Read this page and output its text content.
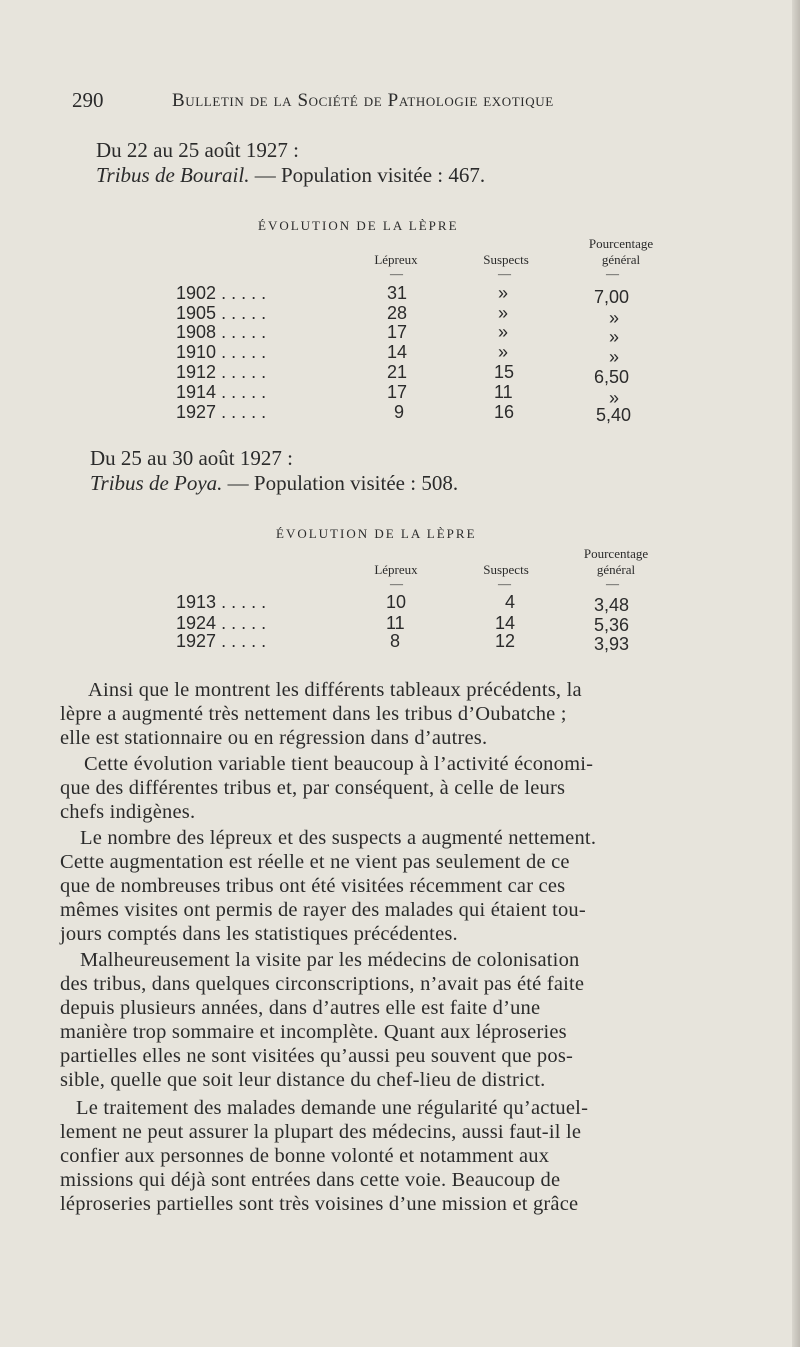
290	Bulletin de la Société de Pathologie exotique
Du 22 au 25 août 1927 :
Tribus de Bourail. — Population visitée : 467.
ÉVOLUTION DE LA LÈPRE
Pourcentage
Lépreux	Suspects	général
—	—	—
1902 .....	31	»	7,00
1905 .....	28	»	»
1908 .....	17	»	»
1910 .....	14	»	»
1912 .....	21	15	6,50
1914 .....	17	11	»
1927 .....	9	16	5,40
Du 25 au 30 août 1927 :
Tribus de Poya. — Population visitée : 508.
ÉVOLUTION DE LA LÈPRE
Pourcentage
Lépreux	Suspects	général
—	—	—
1913 .....	10	4	3,48
1924 .....	11	14	5,36
1927 .....	8	12	3,93
Ainsi que le montrent les différents tableaux précédents, la
lèpre a augmenté très nettement dans les tribus d’Oubatche ;
elle est stationnaire ou en régression dans d’autres.
Cette évolution variable tient beaucoup à l’activité économi-
que des différentes tribus et, par conséquent, à celle de leurs
chefs indigènes.
Le nombre des lépreux et des suspects a augmenté nettement.
Cette augmentation est réelle et ne vient pas seulement de ce
que de nombreuses tribus ont été visitées récemment car ces
mêmes visites ont permis de rayer des malades qui étaient tou-
jours comptés dans les statistiques précédentes.
Malheureusement la visite par les médecins de colonisation
des tribus, dans quelques circonscriptions, n’avait pas été faite
depuis plusieurs années, dans d’autres elle est faite d’une
manière trop sommaire et incomplète. Quant aux léproseries
partielles elles ne sont visitées qu’aussi peu souvent que pos-
sible, quelle que soit leur distance du chef-lieu de district.
Le traitement des malades demande une régularité qu’actuel-
lement ne peut assurer la plupart des médecins, aussi faut-il le
confier aux personnes de bonne volonté et notamment aux
missions qui déjà sont entrées dans cette voie. Beaucoup de
léproseries partielles sont très voisines d’une mission et grâce
